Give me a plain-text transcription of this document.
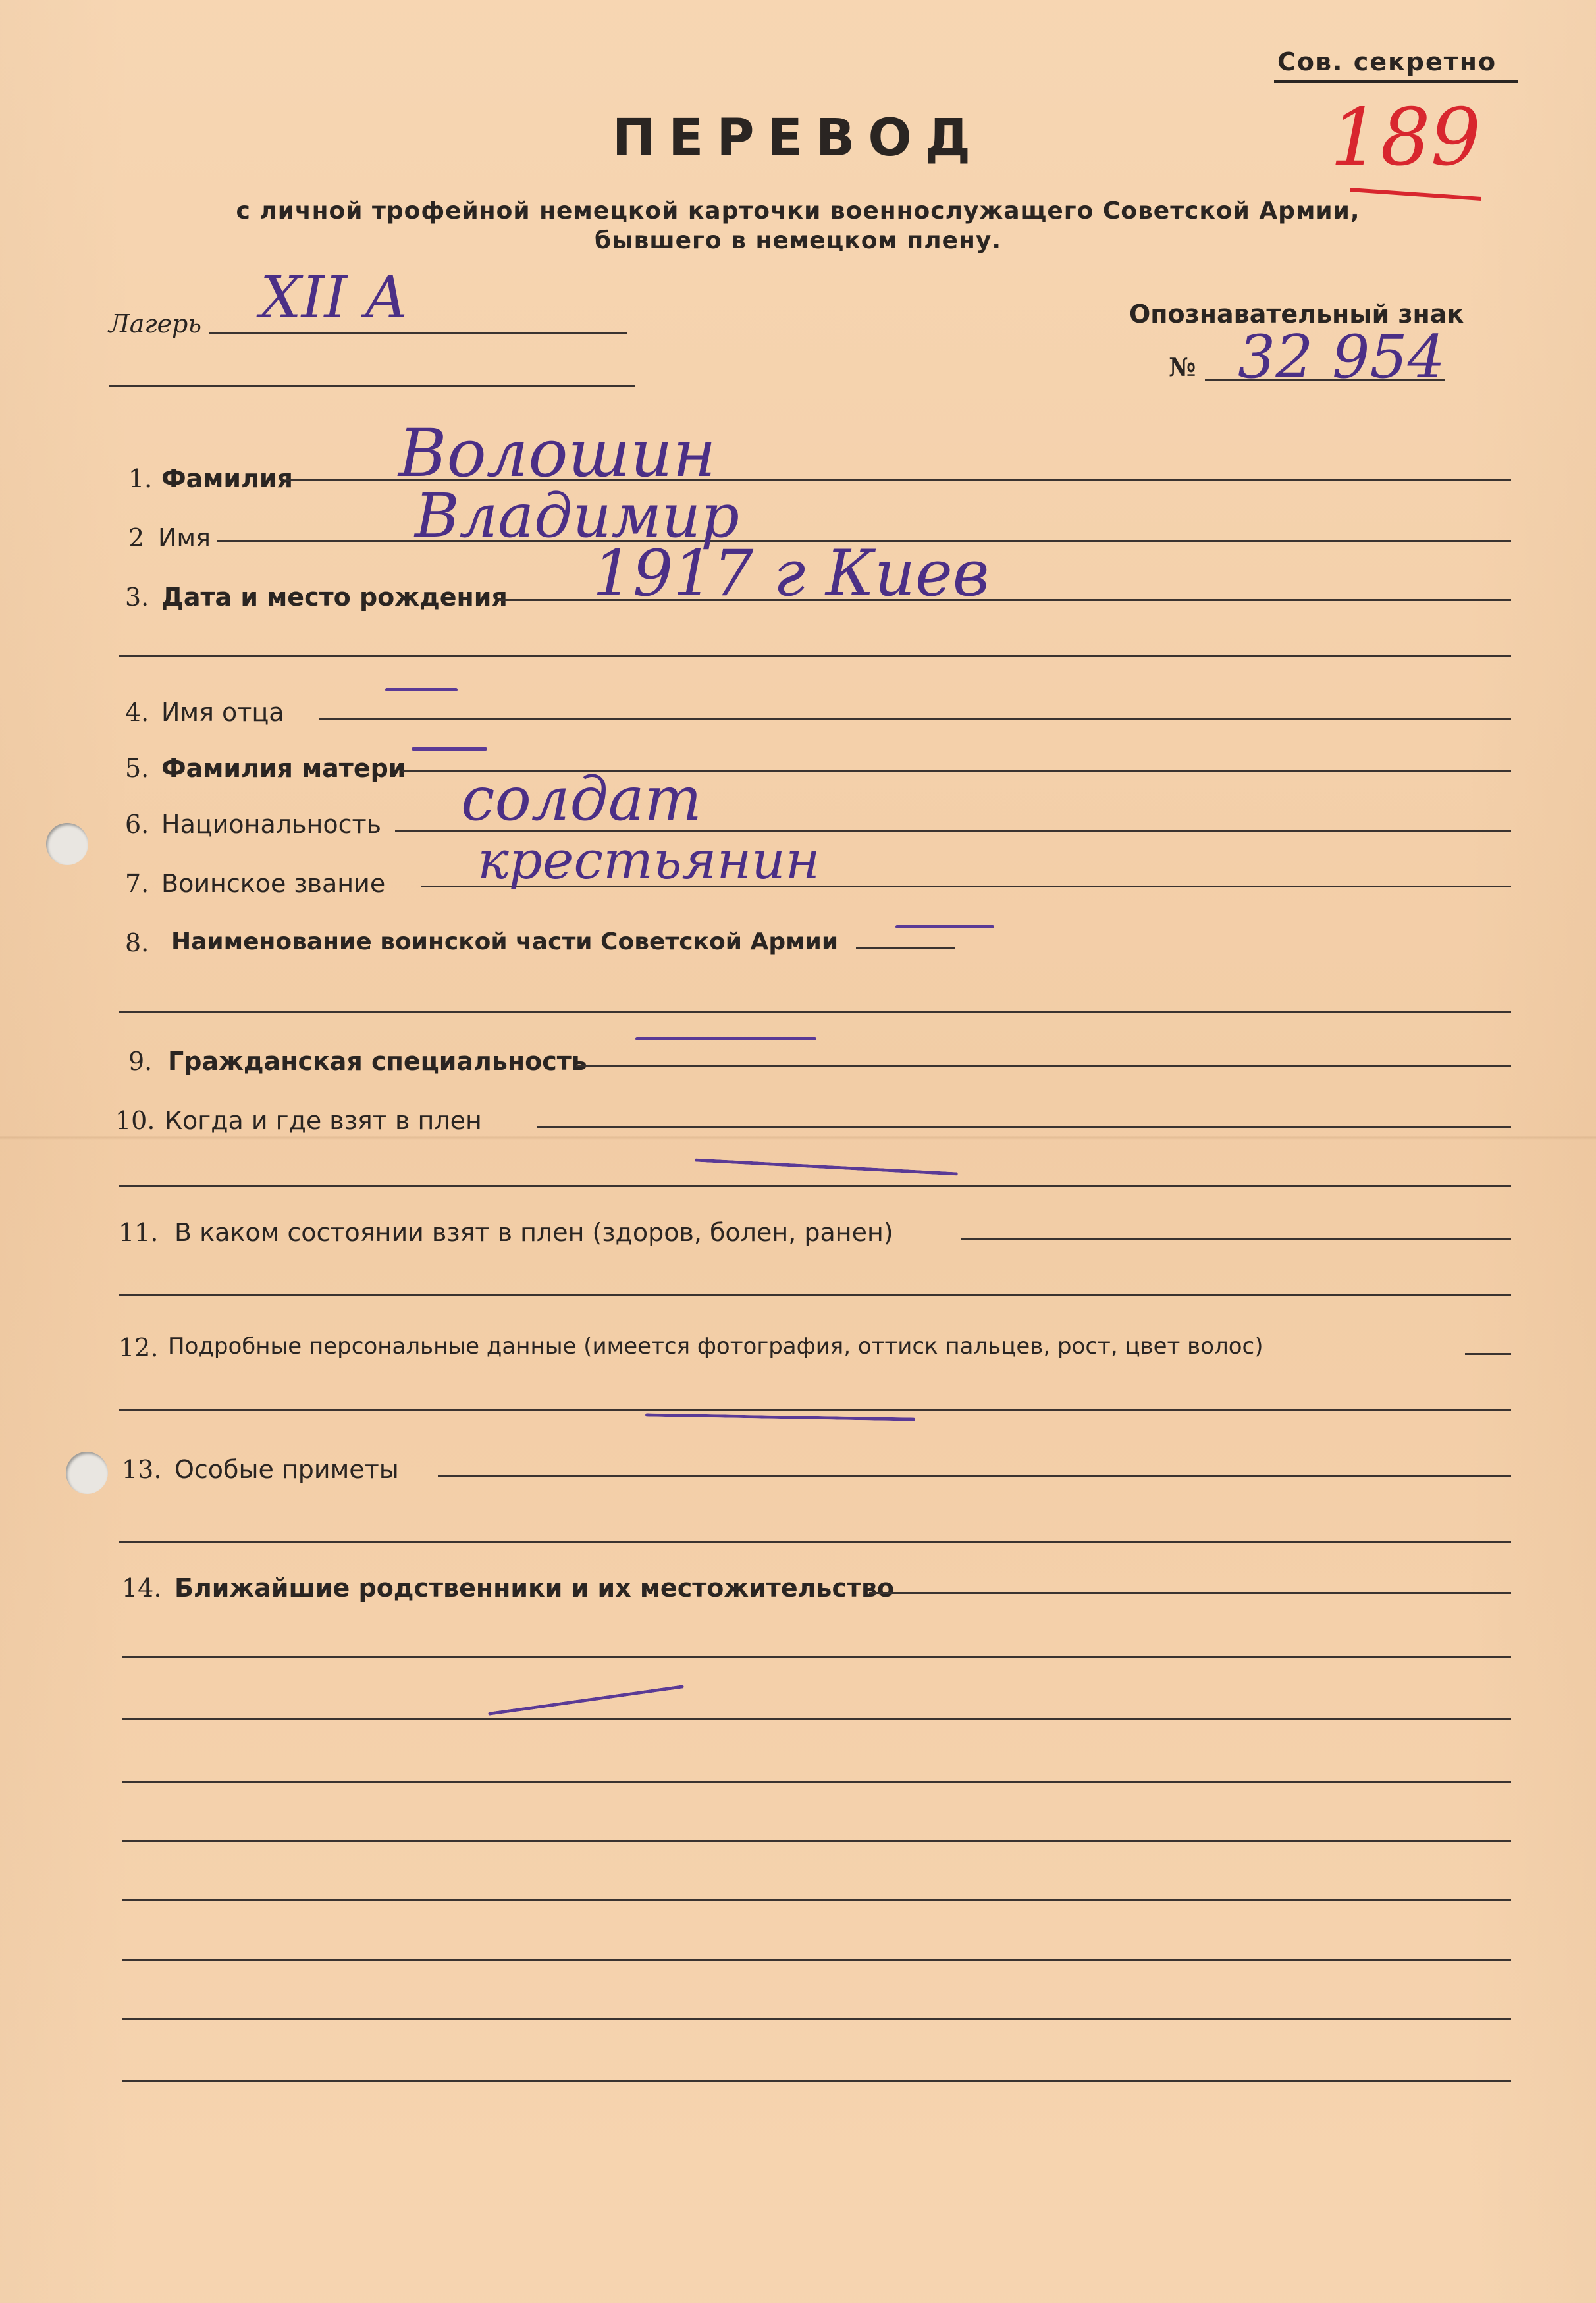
Сов. секретно
189
ПЕРЕВОД
с личной трофейной немецкой карточки военнослужащего Советской Армии,
бывшего в немецком плену.
Лагерь XII A	Опознавательный знак
№ 32 954
1. Фамилия Волошин
2 Имя	Владимир
3. Дата и место рождения 1917 г Киев
4. Имя отца
5. Фамилия матери
6. Национальность солдат
7. Воинское звание крестьянин
8. Наименование воинской части Советской Армии
9. Гражданская специальность
10. Когда и где взят в плен
11. В каком состоянии взят в плен (здоров, болен, ранен)
12. Подробные персональные данные (имеется фотография, оттиск пальцев, рост, цвет волос)
13. Особые приметы
14. Ближайшие родственники и их местожительство
